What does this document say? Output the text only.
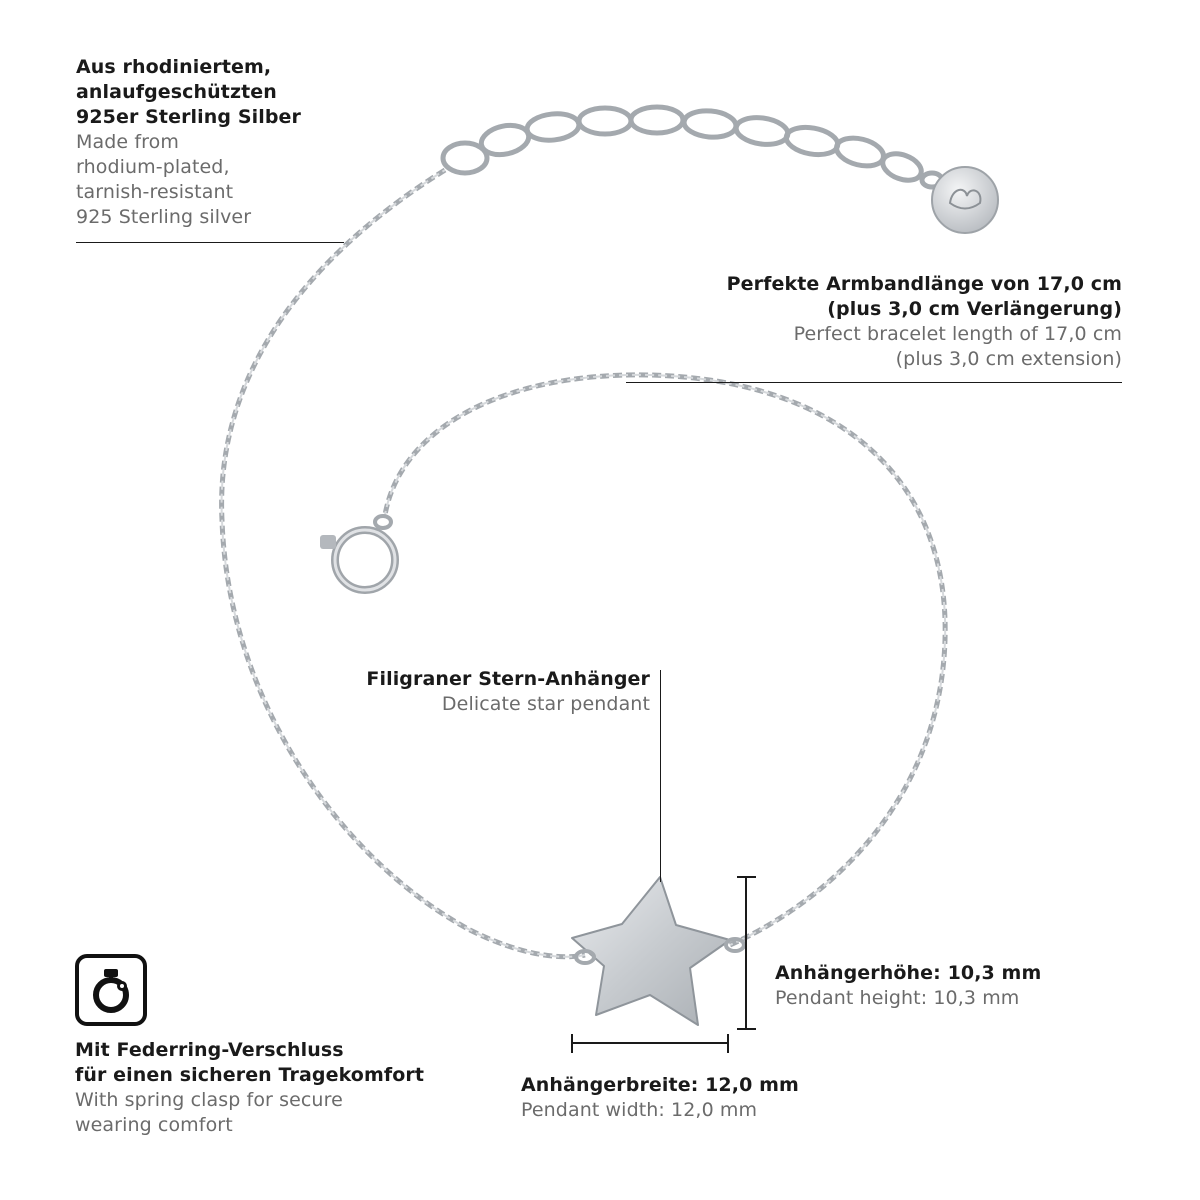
Aus rhodiniertem,
anlaufgeschützten
925er Sterling Silber
Made from
rhodium-plated,
tarnish-resistant
925 Sterling silver
Perfekte Armbandlänge von 17,0 cm
(plus 3,0 cm Verlängerung)
Perfect bracelet length of 17,0 cm
(plus 3,0 cm extension)
Filigraner Stern-Anhänger
Delicate star pendant
Anhängerhöhe: 10,3 mm
Pendant height: 10,3 mm
Anhängerbreite: 12,0 mm
Pendant width: 12,0 mm
Mit Federring-Verschluss
für einen sicheren Tragekomfort
With spring clasp for secure
wearing comfort
